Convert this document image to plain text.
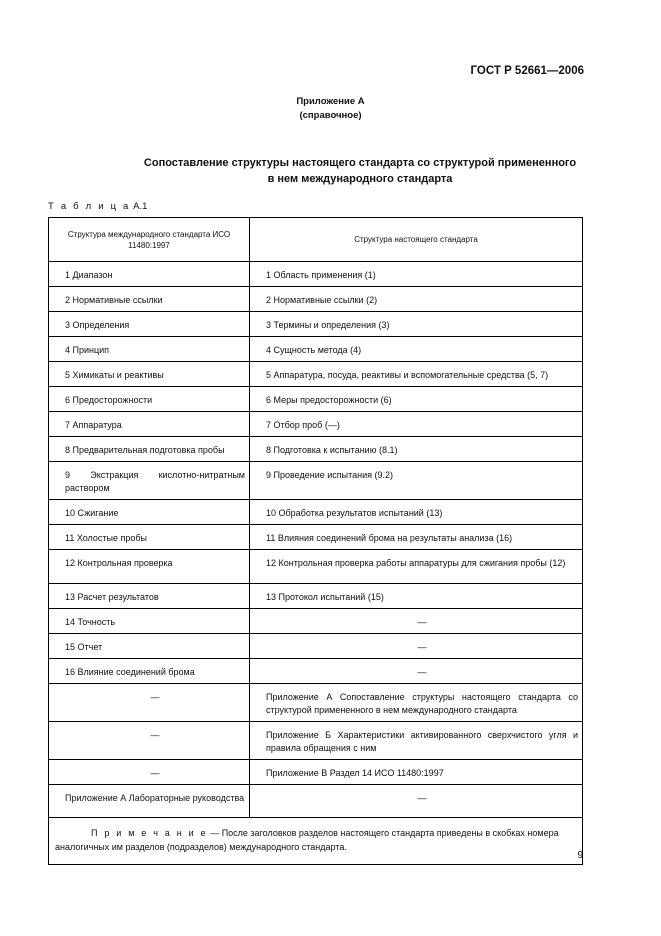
ГОСТ Р 52661—2006
Приложение А
(справочное)
Сопоставление структуры настоящего стандарта со структурой примененного
в нем международного стандарта
Т а б л и ц а А.1
Структура международного стандарта ИСО 11480:1997	Структура настоящего стандарта

1 Диапазон	1 Область применения (1)

2 Нормативные ссылки	2 Нормативные ссылки (2)

3 Определения	3 Термины и определения (3)

4 Принцип	4 Сущность метода (4)

5 Химикаты и реактивы	5 Аппаратура, посуда, реактивы и вспомогательные средства (5, 7)

6 Предосторожности	6 Меры предосторожности (6)

7 Аппаратура	7 Отбор проб (—)

8 Предварительная подготовка пробы	8 Подготовка к испытанию (8.1)

9 Экстракция кислотно-нитратным раствором	9 Проведение испытания (9.2)

10 Сжигание	10 Обработка результатов испытаний (13)

11 Холостые пробы	11 Влияния соединений брома на результаты анализа (16)

12 Контрольная проверка	12 Контрольная проверка работы аппаратуры для сжигания пробы (12)

13 Расчет результатов	13 Протокол испытаний (15)

14 Точность	—

15 Отчет	—

16 Влияние соединений брома	—

—	Приложение А Сопоставление структуры настоящего стандарта со структурой примененного в нем международного стандарта

—	Приложение Б Характеристики активированного сверхчистого угля и правила обращения с ним

—	Приложение В Раздел 14 ИСО 11480:1997

Приложение А Лабораторные руководства	—

П р и м е ч а н и е — После заголовков разделов настоящего стандарта приведены в скобках номера аналогичных им разделов (подразделов) международного стандарта.	
9
